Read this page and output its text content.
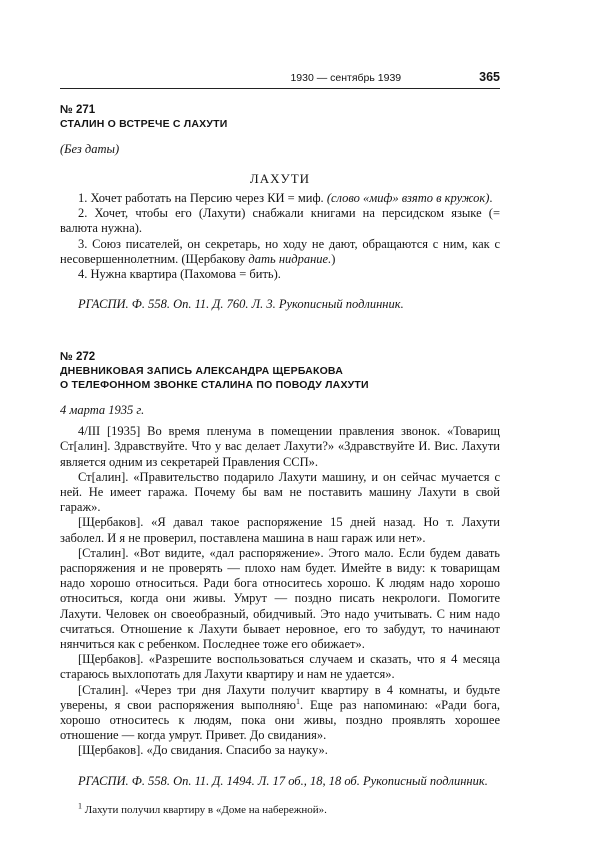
1930 — сентябрь 1939	365
№ 271
СТАЛИН О ВСТРЕЧЕ С ЛАХУТИ
(Без даты)
ЛАХУТИ

1. Хочет работать на Персию через КИ = миф. (слово «миф» взято в кружок).

2. Хочет, чтобы его (Лахути) снабжали книгами на персидском языке (= валюта нужна).

3. Союз писателей, он секретарь, но ходу не дают, обращаются с ним, как с несовершеннолетним. (Щербакову дать нидрание.)

4. Нужна квартира (Пахомова = бить).

РГАСПИ. Ф. 558. Оп. 11. Д. 760. Л. 3. Рукописный подлинник.
№ 272
ДНЕВНИКОВАЯ ЗАПИСЬ АЛЕКСАНДРА ЩЕРБАКОВА
О ТЕЛЕФОННОМ ЗВОНКЕ СТАЛИНА ПО ПОВОДУ ЛАХУТИ
4 марта 1935 г.

4/III [1935] Во время пленума в помещении правления звонок. «Товарищ Ст[алин]. Здравствуйте. Что у вас делает Лахути?» «Здравствуйте И. Вис. Лахути является одним из секретарей Правления ССП».

Ст[алин]. «Правительство подарило Лахути машину, и он сейчас мучается с ней. Не имеет гаража. Почему бы вам не поставить машину Лахути в свой гараж».

[Щербаков]. «Я давал такое распоряжение 15 дней назад. Но т. Лахути заболел. И я не проверил, поставлена машина в наш гараж или нет».

[Сталин]. «Вот видите, «дал распоряжение». Этого мало. Если будем давать распоряжения и не проверять — плохо нам будет. Имейте в виду: к товарищам надо хорошо относиться. Ради бога относитесь хорошо. К людям надо хорошо относиться, когда они живы. Умрут — поздно писать некрологи. Помогите Лахути. Человек он своеобразный, обидчивый. Это надо учитывать. С ним надо считаться. Отношение к Лахути бывает неровное, его то забудут, то начинают нянчиться как с ребенком. Последнее тоже его обижает».

[Щербаков]. «Разрешите воспользоваться случаем и сказать, что я 4 месяца стараюсь выхлопотать для Лахути квартиру и нам не удается».

[Сталин]. «Через три дня Лахути получит квартиру в 4 комнаты, и будьте уверены, я свои распоряжения выполняю$^1$. Еще раз напоминаю: «Ради бога, хорошо относитесь к людям, пока они живы, поздно проявлять хорошее отношение — когда умрут. Привет. До свидания».

[Щербаков]. «До свидания. Спасибо за науку».

РГАСПИ. Ф. 558. Оп. 11. Д. 1494. Л. 17 об., 18, 18 об. Рукописный подлинник.
$^1$ Лахути получил квартиру в «Доме на набережной».
